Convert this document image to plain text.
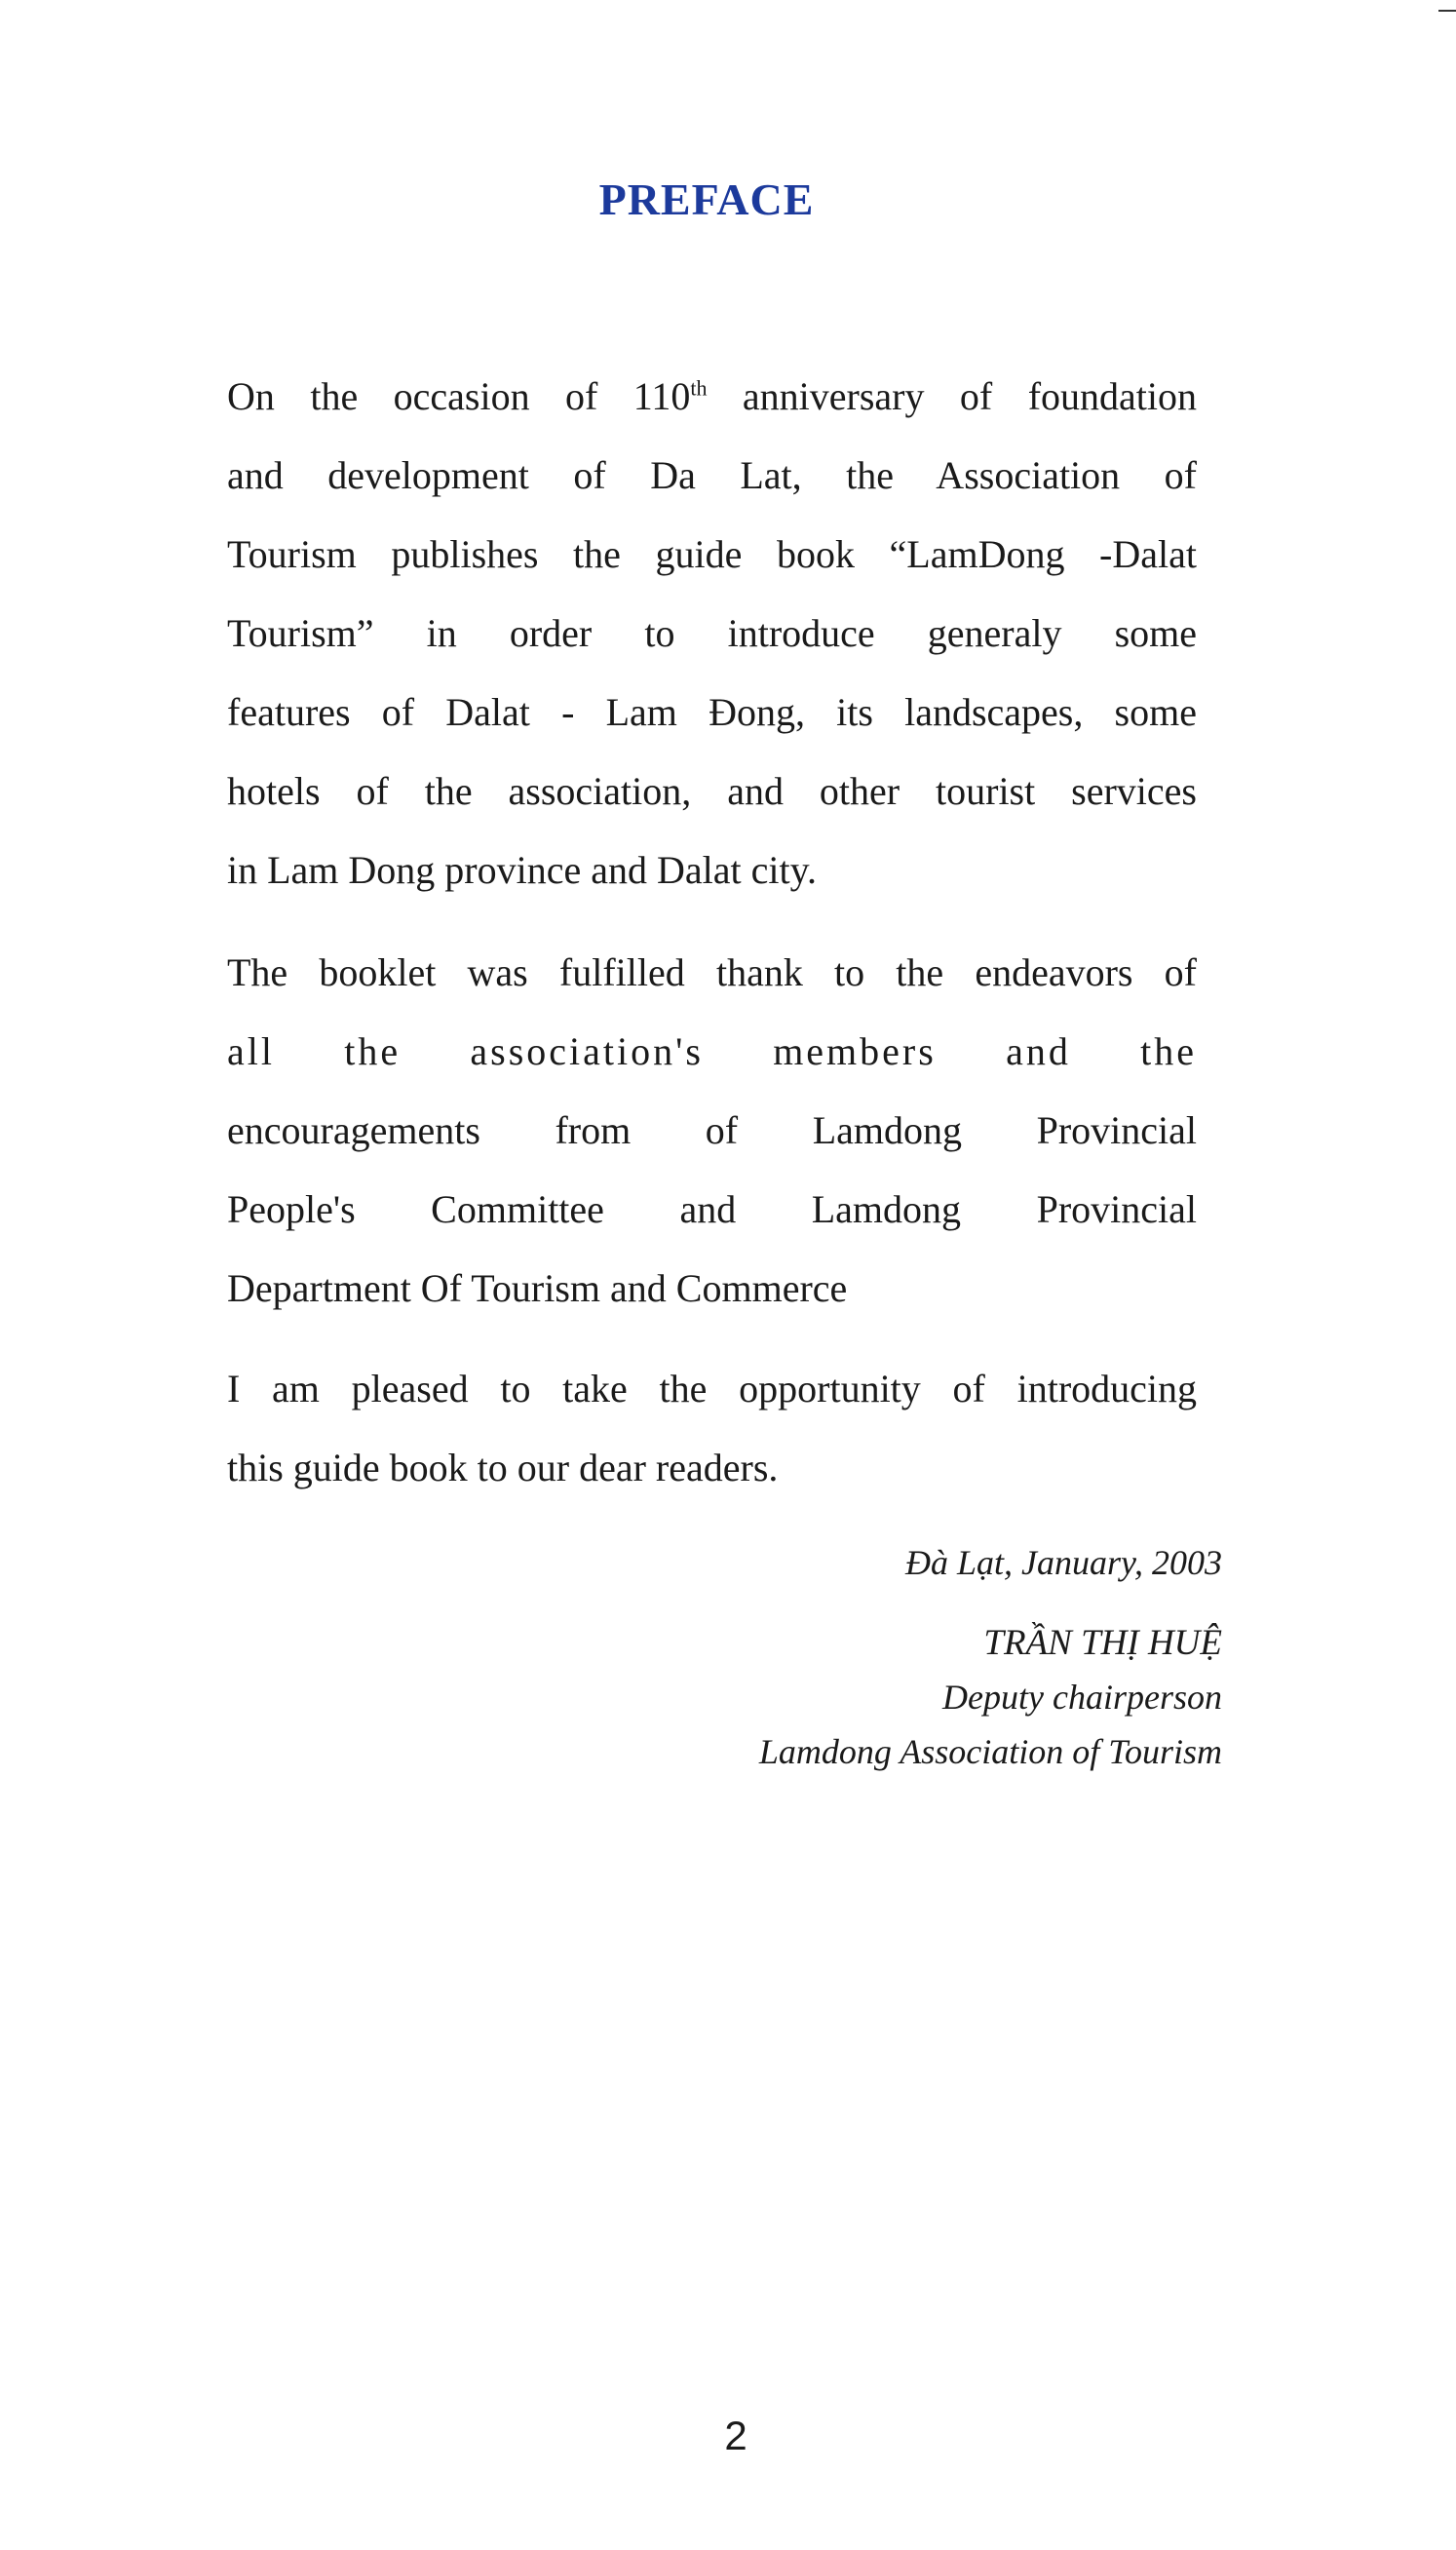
PREFACE
On the occasion of 110th anniversary of foundation
and development of Da Lat, the Association of
Tourism publishes the guide book “LamDong -Dalat
Tourism” in order to introduce generaly some
features of Dalat - Lam Đong, its landscapes, some
hotels of the association, and other tourist services
in Lam Dong province and Dalat city.
The booklet was fulfilled thank to the endeavors of
all the association's members and the
encouragements from of Lamdong Provincial
People's Committee and Lamdong Provincial
Department Of Tourism and Commerce
I am pleased to take the opportunity of introducing
this guide book to our dear readers.
Đà Lạt, January, 2003
TRẦN THỊ HUỆ
Deputy chairperson
Lamdong Association of Tourism
2
